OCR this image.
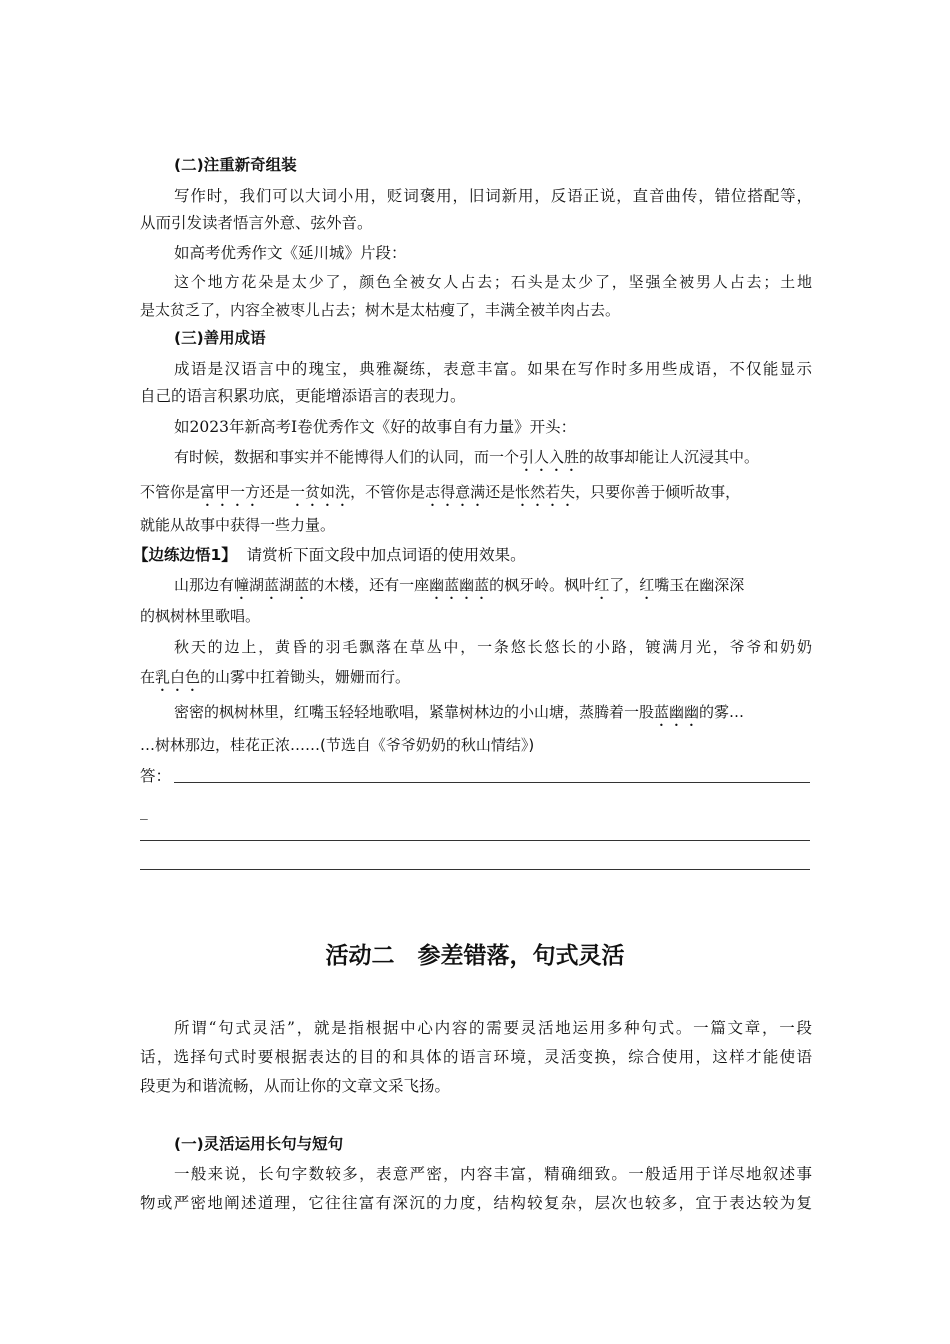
(二)注重新奇组装
写作时，我们可以大词小用，贬词褒用，旧词新用，反语正说，直音曲传，错位搭配等，
从而引发读者悟言外意、弦外音。
如高考优秀作文《延川城》片段：
这个地方花朵是太少了，颜色全被女人占去；石头是太少了，坚强全被男人占去；土地
是太贫乏了，内容全被枣儿占去；树木是太枯瘦了，丰满全被羊肉占去。
(三)善用成语
成语是汉语言中的瑰宝，典雅凝练，表意丰富。如果在写作时多用些成语，不仅能显示
自己的语言积累功底，更能增添语言的表现力。
如2023年新高考Ⅰ卷优秀作文《好的故事自有力量》开头：
有时候，数据和事实并不能博得人们的认同，而一个引人入胜的故事却能让人沉浸其中。
不管你是富甲一方还是一贫如洗，不管你是志得意满还是怅然若失，只要你善于倾听故事，
就能从故事中获得一些力量。
【边练边悟1】 请赏析下面文段中加点词语的使用效果。
山那边有幢湖蓝湖蓝的木楼，还有一座幽蓝幽蓝的枫牙岭。枫叶红了，红嘴玉在幽深深
的枫树林里歌唱。
秋天的边上，黄昏的羽毛飘落在草丛中，一条悠长悠长的小路，镀满月光，爷爷和奶奶
在乳白色的山雾中扛着锄头，姗姗而行。
密密的枫树林里，红嘴玉轻轻地歌唱，紧靠树林边的小山塘，蒸腾着一股蓝幽幽的雾…
…树林那边，桂花正浓……(节选自《爷爷奶奶的秋山情结》)
答：
_
活动二　参差错落，句式灵活
所谓“句式灵活”，就是指根据中心内容的需要灵活地运用多种句式。一篇文章，一段
话，选择句式时要根据表达的目的和具体的语言环境，灵活变换，综合使用，这样才能使语
段更为和谐流畅，从而让你的文章文采飞扬。
(一)灵活运用长句与短句
一般来说，长句字数较多，表意严密，内容丰富，精确细致。一般适用于详尽地叙述事
物或严密地阐述道理，它往往富有深沉的力度，结构较复杂，层次也较多，宜于表达较为复
